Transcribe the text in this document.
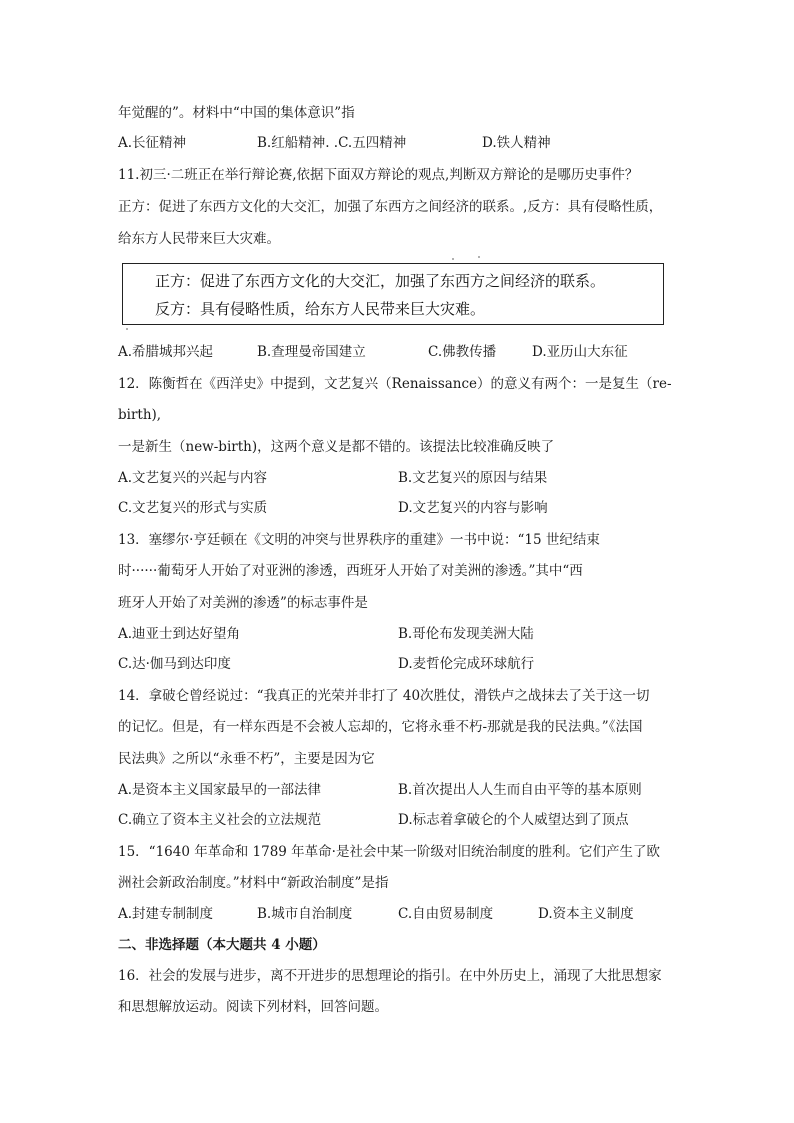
年觉醒的”。材料中“中国的集体意识”指
A.长征精神	B.红船精神. .C.五四精神	D.铁人精神
11.初三·二班正在举行辩论赛,依据下面双方辩论的观点,判断双方辩论的是哪历史事件？
正方：促进了东西方文化的大交汇，加强了东西方之间经济的联系。,反方：具有侵略性质，
给东方人民带来巨大灾难。
正方：促进了东西方文化的大交汇，加强了东西方之间经济的联系。
反方：具有侵略性质，给东方人民带来巨大灾难。
A.希腊城邦兴起	B.查理曼帝国建立	C.佛教传播	D.亚历山大东征
12．陈衡哲在《西洋史》中提到，文艺复兴（Renaissance）的意义有两个：一是复生（re-
birth),
一是新生（new-birth)，这两个意义是都不错的。该提法比较准确反映了
A.文艺复兴的兴起与内容	B.文艺复兴的原因与结果
C.文艺复兴的形式与实质	D.文艺复兴的内容与影响
13．塞缪尔·亨廷顿在《文明的冲突与世界秩序的重建》一书中说：“15 世纪结束
时······葡萄牙人开始了对亚洲的渗透，西班牙人开始了对美洲的渗透。”其中“西
班牙人开始了对美洲的渗透”的标志事件是
A.迪亚士到达好望角	B.哥伦布发现美洲大陆
C.达·伽马到达印度	D.麦哲伦完成环球航行
14．拿破仑曾经说过：“我真正的光荣并非打了 40次胜仗，滑铁卢之战抹去了关于这一切
的记忆。但是，有一样东西是不会被人忘却的，它将永垂不朽-那就是我的民法典。”《法国
民法典》之所以“永垂不朽”，主要是因为它
A.是资本主义国家最早的一部法律	B.首次提出人人生而自由平等的基本原则
C.确立了资本主义社会的立法规范	D.标志着拿破仑的个人威望达到了顶点
15．“1640 年革命和 1789 年革命·是社会中某一阶级对旧统治制度的胜利。它们产生了欧
洲社会新政治制度。”材料中“新政治制度”是指
A.封建专制制度	B.城市自治制度	C.自由贸易制度	D.资本主义制度
二、非选择题（本大题共 4 小题）
16．社会的发展与进步，离不开进步的思想理论的指引。在中外历史上，涌现了大批思想家
和思想解放运动。阅读下列材料，回答问题。
